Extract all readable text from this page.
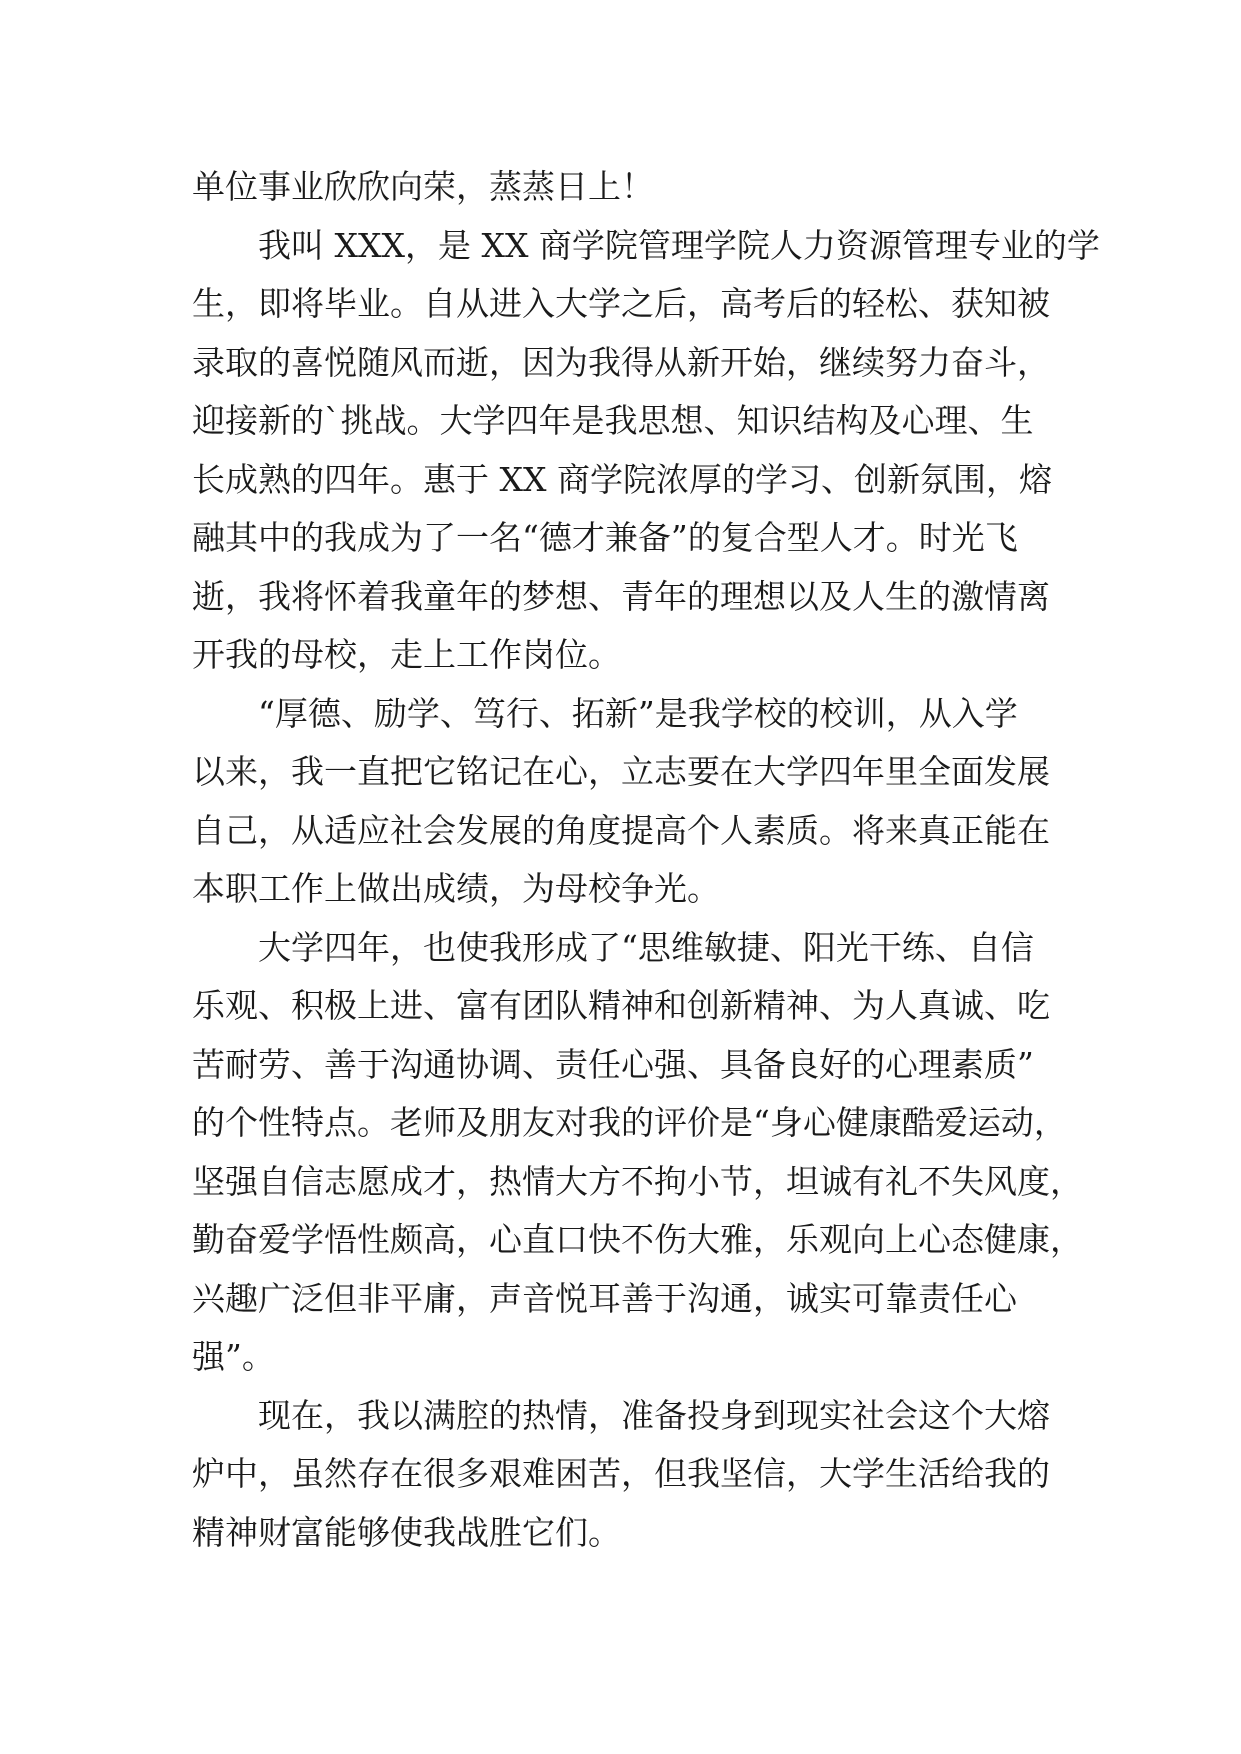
单位事业欣欣向荣，蒸蒸日上！
我叫 XXX，是 XX 商学院管理学院人力资源管理专业的学
生，即将毕业。自从进入大学之后，高考后的轻松、获知被
录取的喜悦随风而逝，因为我得从新开始，继续努力奋斗，
迎接新的`挑战。大学四年是我思想、知识结构及心理、生
长成熟的四年。惠于 XX 商学院浓厚的学习、创新氛围，熔
融其中的我成为了一名“德才兼备”的复合型人才。时光飞
逝，我将怀着我童年的梦想、青年的理想以及人生的激情离
开我的母校，走上工作岗位。
“厚德、励学、笃行、拓新”是我学校的校训，从入学
以来，我一直把它铭记在心，立志要在大学四年里全面发展
自己，从适应社会发展的角度提高个人素质。将来真正能在
本职工作上做出成绩，为母校争光。
大学四年，也使我形成了“思维敏捷、阳光干练、自信
乐观、积极上进、富有团队精神和创新精神、为人真诚、吃
苦耐劳、善于沟通协调、责任心强、具备良好的心理素质”
的个性特点。老师及朋友对我的评价是“身心健康酷爱运动，
坚强自信志愿成才，热情大方不拘小节，坦诚有礼不失风度，
勤奋爱学悟性颇高，心直口快不伤大雅，乐观向上心态健康，
兴趣广泛但非平庸，声音悦耳善于沟通，诚实可靠责任心
强”。
现在，我以满腔的热情，准备投身到现实社会这个大熔
炉中，虽然存在很多艰难困苦，但我坚信，大学生活给我的
精神财富能够使我战胜它们。
